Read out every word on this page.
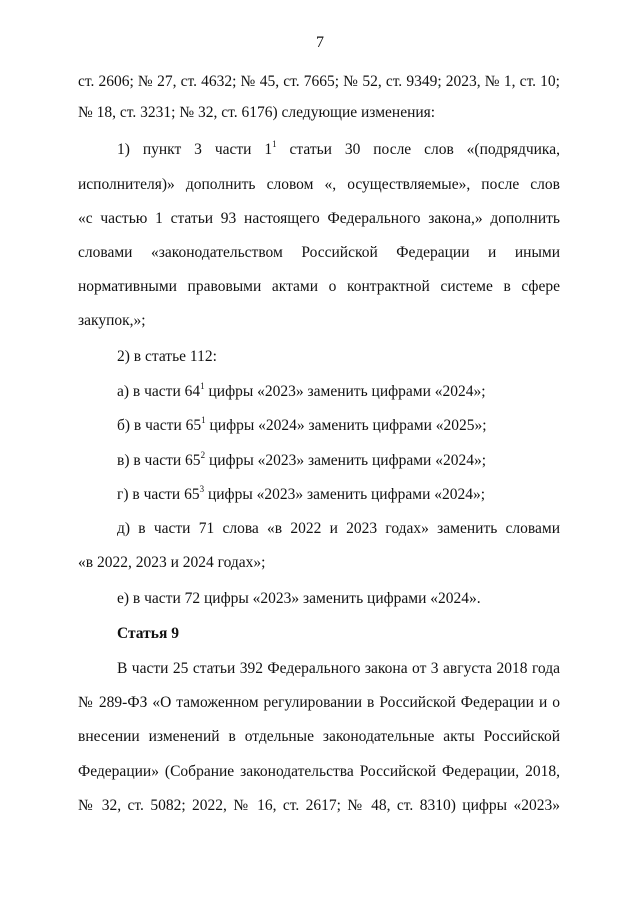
7
ст. 2606; № 27, ст. 4632; № 45, ст. 7665; № 52, ст. 9349; 2023, № 1, ст. 10;
№ 18, ст. 3231; № 32, ст. 6176) следующие изменения:
1) пункт 3 части $1^1$ статьи 30 после слов «(подрядчика,
исполнителя)» дополнить словом «, осуществляемые», после слов
«с частью 1 статьи 93 настоящего Федерального закона,» дополнить
словами «законодательством Российской Федерации и иными
нормативными правовыми актами о контрактной системе в сфере
закупок,»;
2) в статье 112:
а) в части $64^1$ цифры «2023» заменить цифрами «2024»;
б) в части $65^1$ цифры «2024» заменить цифрами «2025»;
в) в части $65^2$ цифры «2023» заменить цифрами «2024»;
г) в части $65^3$ цифры «2023» заменить цифрами «2024»;
д) в части 71 слова «в 2022 и 2023 годах» заменить словами
«в 2022, 2023 и 2024 годах»;
е) в части 72 цифры «2023» заменить цифрами «2024».
Статья 9
В части 25 статьи 392 Федерального закона от 3 августа 2018 года
№ 289-ФЗ «О таможенном регулировании в Российской Федерации и о
внесении изменений в отдельные законодательные акты Российской
Федерации» (Собрание законодательства Российской Федерации, 2018,
№ 32, ст. 5082; 2022, № 16, ст. 2617; № 48, ст. 8310) цифры «2023»
